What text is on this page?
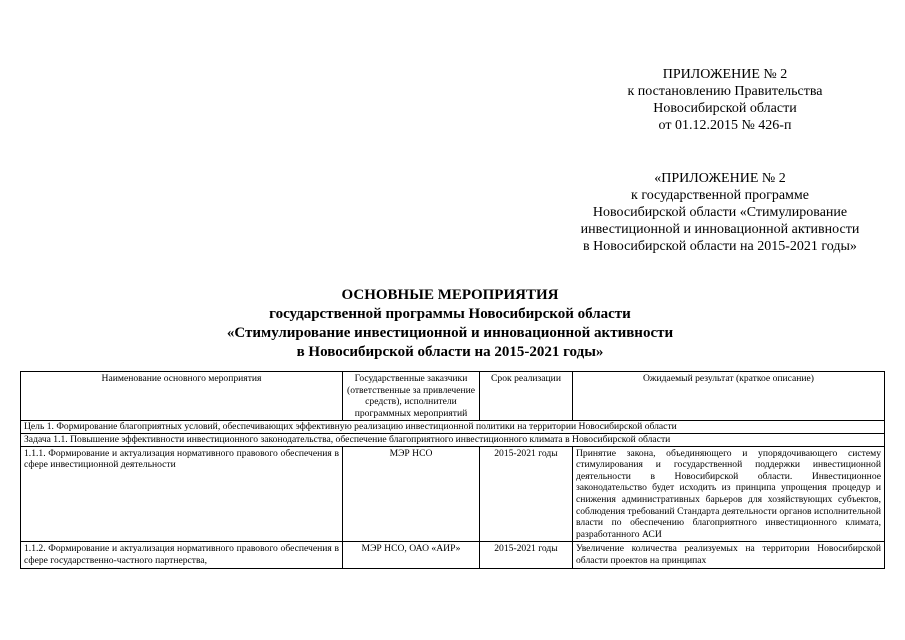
ПРИЛОЖЕНИЕ № 2
к постановлению Правительства
Новосибирской области
от 01.12.2015 № 426-п
«ПРИЛОЖЕНИЕ № 2
к государственной программе
Новосибирской области «Стимулирование
инвестиционной и инновационной активности
в Новосибирской области на 2015-2021 годы»
ОСНОВНЫЕ МЕРОПРИЯТИЯ
государственной программы Новосибирской области
«Стимулирование инвестиционной и инновационной активности
в Новосибирской области на 2015-2021 годы»
Наименование основного мероприятия	Государственные заказчики (ответственные за привлечение средств), исполнители программных мероприятий	Срок реализации	Ожидаемый результат (краткое описание)
Цель 1. Формирование благоприятных условий, обеспечивающих эффективную реализацию инвестиционной политики на территории Новосибирской области			
Задача 1.1. Повышение эффективности инвестиционного законодательства, обеспечение благоприятного инвестиционного климата в Новосибирской области			
1.1.1. Формирование и актуализация нормативного правового обеспечения в сфере инвестиционной деятельности	МЭР НСО	2015-2021 годы	Принятие закона, объединяющего и упорядочивающего систему стимулирования и государственной поддержки инвестиционной деятельности в Новосибирской области. Инвестиционное законодательство будет исходить из принципа упрощения процедур и снижения административных барьеров для хозяйствующих субъектов, соблюдения требований Стандарта деятельности органов исполнительной власти по обеспечению благоприятного инвестиционного климата, разработанного АСИ
1.1.2. Формирование и актуализация нормативного правового обеспечения в сфере государственно-частного партнерства,	МЭР НСО, ОАО «АИР»	2015-2021 годы	Увеличение количества реализуемых на территории Новосибирской области проектов на принципах
